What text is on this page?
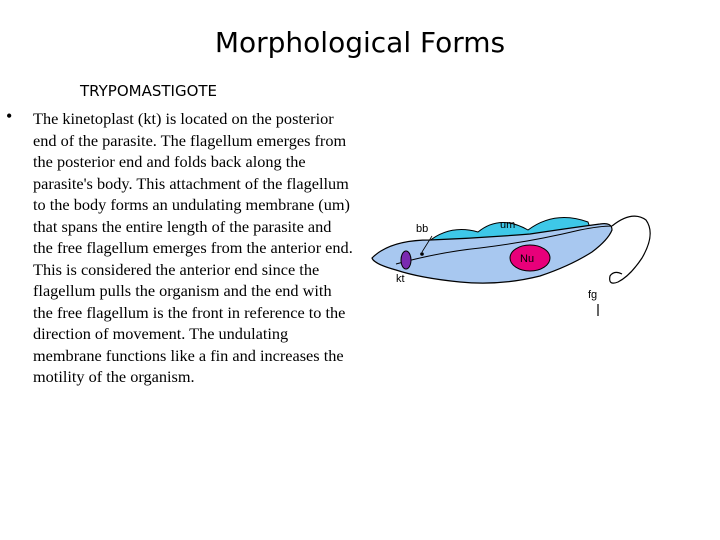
Morphological Forms
TRYPOMASTIGOTE
• The kinetoplast (kt) is located on the posterior end of the parasite. The flagellum emerges from the posterior end and folds back along the parasite's body. This attachment of the flagellum to the body forms an undulating membrane (um) that spans the entire length of the parasite and the free flagellum emerges from the anterior end. This is considered the anterior end since the flagellum pulls the organism and the end with the free flagellum is the front in reference to the direction of movement. The undulating membrane functions like a fin and increases the motility of the organism.

bb	um
Nu
kt
fg
